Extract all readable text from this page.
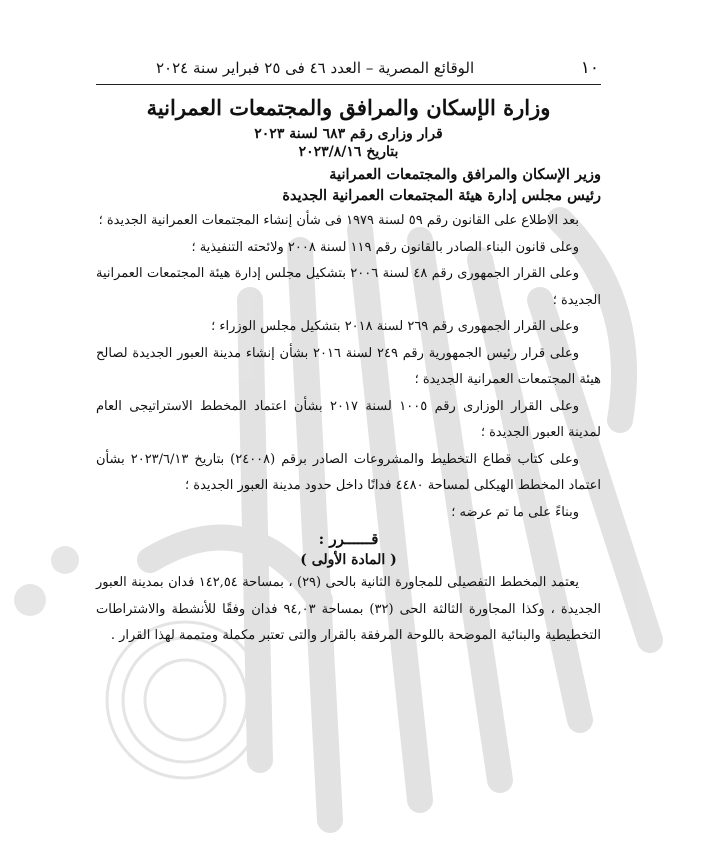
١٠
الوقائع المصرية – العدد ٤٦ فى ٢٥ فبراير سنة ٢٠٢٤
وزارة الإسكان والمرافق والمجتمعات العمرانية
قرار وزارى رقم ٦٨٣ لسنة ٢٠٢٣
بتاريخ ٢٠٢٣/٨/١٦
وزير الإسكان والمرافق والمجتمعات العمرانية
رئيس مجلس إدارة هيئة المجتمعات العمرانية الجديدة

بعد الاطلاع على القانون رقم ٥٩ لسنة ١٩٧٩ فى شأن إنشاء المجتمعات العمرانية الجديدة ؛

وعلى قانون البناء الصادر بالقانون رقم ١١٩ لسنة ٢٠٠٨ ولائحته التنفيذية ؛

وعلى القرار الجمهورى رقم ٤٨ لسنة ٢٠٠٦ بتشكيل مجلس إدارة هيئة المجتمعات العمرانية الجديدة ؛

وعلى القرار الجمهورى رقم ٢٦٩ لسنة ٢٠١٨ بتشكيل مجلس الوزراء ؛

وعلى قرار رئيس الجمهورية رقم ٢٤٩ لسنة ٢٠١٦ بشأن إنشاء مدينة العبور الجديدة لصالح هيئة المجتمعات العمرانية الجديدة ؛

وعلى القرار الوزارى رقم ١٠٠٥ لسنة ٢٠١٧ بشأن اعتماد المخطط الاستراتيجى العام لمدينة العبور الجديدة ؛

وعلى كتاب قطاع التخطيط والمشروعات الصادر برقم (٢٤٠٠٨) بتاريخ ٢٠٢٣/٦/١٣ بشأن اعتماد المخطط الهيكلى لمساحة ٤٤٨٠ فدانًا داخل حدود مدينة العبور الجديدة ؛

وبناءً على ما تم عرضه ؛

قــــــرر :
( المادة الأولى )

يعتمد المخطط التفصيلى للمجاورة الثانية بالحى (٢٩) ، بمساحة ١٤٢,٥٤ فدان بمدينة العبور الجديدة ، وكذا المجاورة الثالثة الحى (٣٢) بمساحة ٩٤,٠٣ فدان وفقًا للأنشطة والاشتراطات التخطيطية والبنائية الموضحة باللوحة المرفقة بالقرار والتى تعتبر مكملة ومتممة لهذا القرار .
